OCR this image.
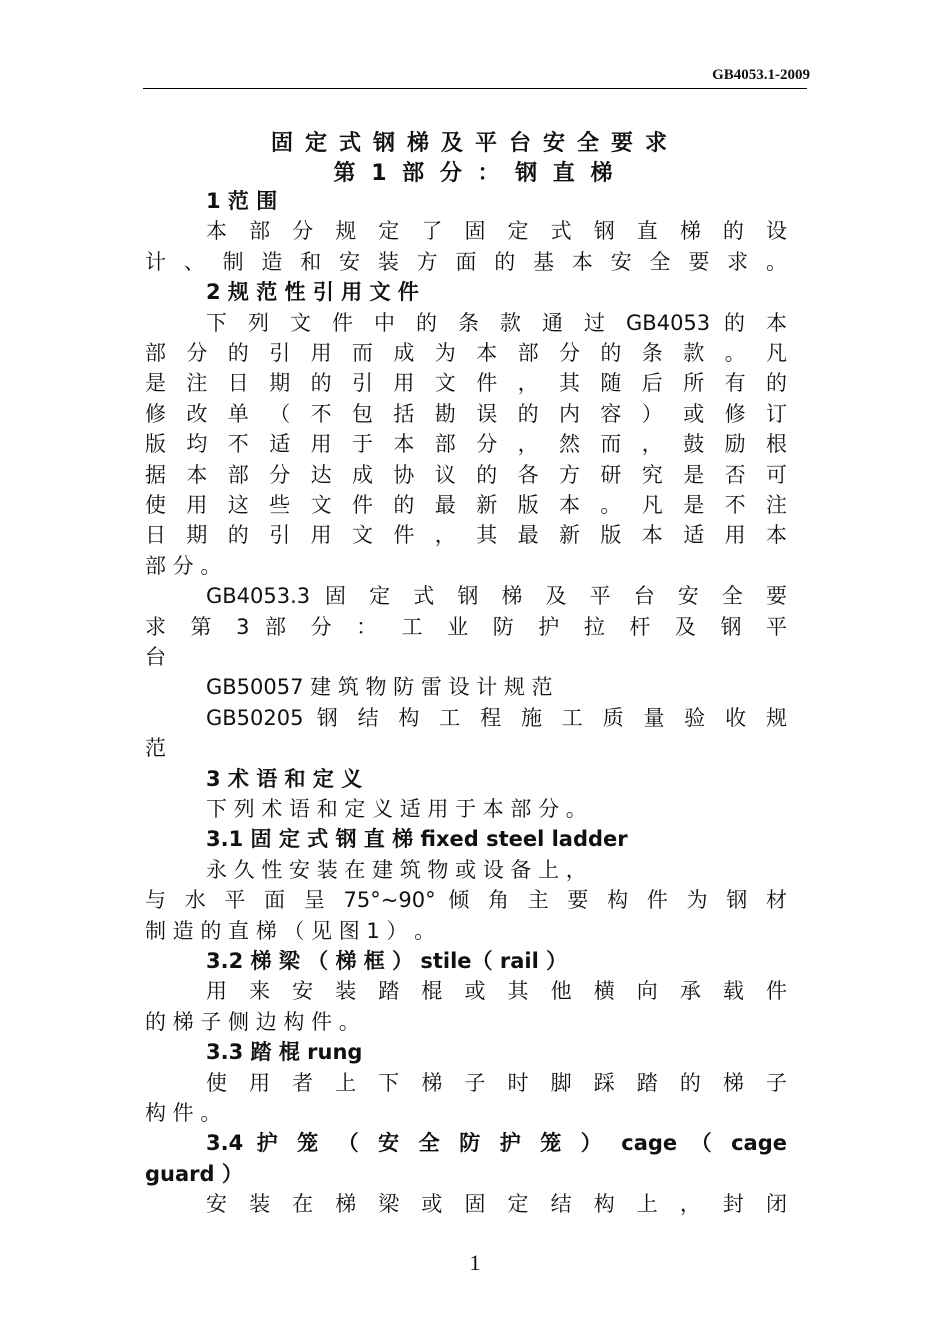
GB4053.1-2009
固定式钢梯及平台安全要求
第 1 部 分 ： 钢 直 梯
1 范 围
本 部 分 规 定 了 固 定 式 钢 直 梯 的 设
计 、 制 造 和 安 装 方 面 的 基 本 安 全 要 求 。
2 规 范 性 引 用 文 件
下 列 文 件 中 的 条 款 通 过 GB4053 的 本
部 分 的 引 用 而 成 为 本 部 分 的 条 款 。 凡
是 注 日 期 的 引 用 文 件 ， 其 随 后 所 有 的
修 改 单 （ 不 包 括 勘 误 的 内 容 ） 或 修 订
版 均 不 适 用 于 本 部 分 ， 然 而 ， 鼓 励 根
据 本 部 分 达 成 协 议 的 各 方 研 究 是 否 可
使 用 这 些 文 件 的 最 新 版 本 。 凡 是 不 注
日 期 的 引 用 文 件 ， 其 最 新 版 本 适 用 本
部 分 。
GB4053.3 固 定 式 钢 梯 及 平 台 安 全 要
求 第 3 部 分 ： 工 业 防 护 拉 杆 及 钢 平
台
GB50057 建 筑 物 防 雷 设 计 规 范
GB50205 钢 结 构 工 程 施 工 质 量 验 收 规
范
3 术 语 和 定 义
下 列 术 语 和 定 义 适 用 于 本 部 分 。
3.1 固 定 式 钢 直 梯 fixed steel ladder
永 久 性 安 装 在 建 筑 物 或 设 备 上 ，
与 水 平 面 呈 75°~90° 倾 角 主 要 构 件 为 钢 材
制 造 的 直 梯 （ 见 图 1 ） 。
3.2 梯 梁 （ 梯 框 ） stile（ rail ）
用 来 安 装 踏 棍 或 其 他 横 向 承 载 件
的 梯 子 侧 边 构 件 。
3.3 踏 棍 rung
使 用 者 上 下 梯 子 时 脚 踩 踏 的 梯 子
构 件 。
3.4 护 笼 （ 安 全 防 护 笼 ） cage （ cage
guard ）
安 装 在 梯 梁 或 固 定 结 构 上 ， 封 闭
1
